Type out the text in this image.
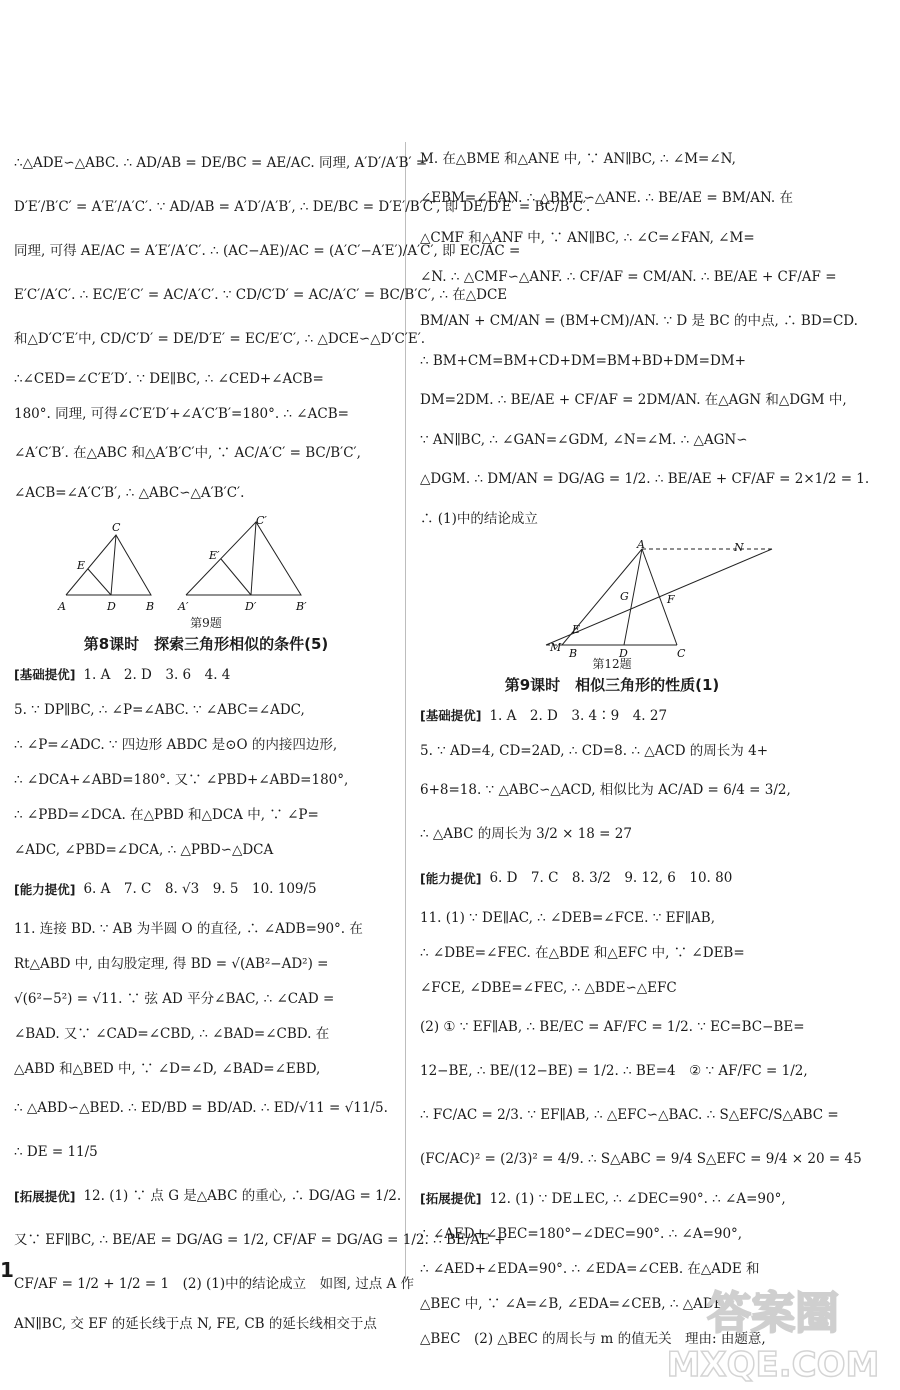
∴△ADE∽△ABC. ∴ AD/AB = DE/BC = AE/AC. 同理, A′D′/A′B′ =
D′E′/B′C′ = A′E′/A′C′. ∵ AD/AB = A′D′/A′B′, ∴ DE/BC = D′E′/B′C′, 即 DE/D′E′ = BC/B′C′.
同理, 可得 AE/AC = A′E′/A′C′. ∴ (AC−AE)/AC = (A′C′−A′E′)/A′C′, 即 EC/AC =
E′C′/A′C′. ∴ EC/E′C′ = AC/A′C′. ∵ CD/C′D′ = AC/A′C′ = BC/B′C′, ∴ 在△DCE
和△D′C′E′中, CD/C′D′ = DE/D′E′ = EC/E′C′, ∴ △DCE∽△D′C′E′.
∴∠CED=∠C′E′D′. ∵ DE∥BC, ∴ ∠CED+∠ACB=
180°. 同理, 可得∠C′E′D′+∠A′C′B′=180°. ∴ ∠ACB=
∠A′C′B′. 在△ABC 和△A′B′C′中, ∵ AC/A′C′ = BC/B′C′,
∠ACB=∠A′C′B′, ∴ △ABC∽△A′B′C′.
A	B
C
D
E
A′	B′
C′
D′
E′
第9题
第8课时　探索三角形相似的条件(5)
[基础提优] 1. A　2. D　3. 6　4. 4
5. ∵ DP∥BC, ∴ ∠P=∠ABC. ∵ ∠ABC=∠ADC,
∴ ∠P=∠ADC. ∵ 四边形 ABDC 是⊙O 的内接四边形,
∴ ∠DCA+∠ABD=180°. 又∵ ∠PBD+∠ABD=180°,
∴ ∠PBD=∠DCA. 在△PBD 和△DCA 中, ∵ ∠P=
∠ADC, ∠PBD=∠DCA, ∴ △PBD∽△DCA
[能力提优] 6. A　7. C　8. √3　9. 5　10. 109/5
11. 连接 BD. ∵ AB 为半圆 O 的直径, ∴ ∠ADB=90°. 在
Rt△ABD 中, 由勾股定理, 得 BD = √(AB²−AD²) =
√(6²−5²) = √11. ∵ 弦 AD 平分∠BAC, ∴ ∠CAD =
∠BAD. 又∵ ∠CAD=∠CBD, ∴ ∠BAD=∠CBD. 在
△ABD 和△BED 中, ∵ ∠D=∠D, ∠BAD=∠EBD,
∴ △ABD∽△BED. ∴ ED/BD = BD/AD. ∴ ED/√11 = √11/5.
∴ DE = 11/5
[拓展提优] 12. (1) ∵ 点 G 是△ABC 的重心, ∴ DG/AG = 1/2.
又∵ EF∥BC, ∴ BE/AE = DG/AG = 1/2, CF/AF = DG/AG = 1/2. ∴ BE/AE +
CF/AF = 1/2 + 1/2 = 1　(2) (1)中的结论成立　如图, 过点 A 作
AN∥BC, 交 EF 的延长线于点 N, FE, CB 的延长线相交于点
M. 在△BME 和△ANE 中, ∵ AN∥BC, ∴ ∠M=∠N,
∠EBM=∠EAN. ∴ △BME∽△ANE. ∴ BE/AE = BM/AN. 在
△CMF 和△ANF 中, ∵ AN∥BC, ∴ ∠C=∠FAN, ∠M=
∠N. ∴ △CMF∽△ANF. ∴ CF/AF = CM/AN. ∴ BE/AE + CF/AF =
BM/AN + CM/AN = (BM+CM)/AN. ∵ D 是 BC 的中点, ∴ BD=CD.
∴ BM+CM=BM+CD+DM=BM+BD+DM=DM+
DM=2DM. ∴ BE/AE + CF/AF = 2DM/AN. 在△AGN 和△DGM 中,
∵ AN∥BC, ∴ ∠GAN=∠GDM, ∠N=∠M. ∴ △AGN∽
△DGM. ∴ DM/AN = DG/AG = 1/2. ∴ BE/AE + CF/AF = 2×1/2 = 1.
∴ (1)中的结论成立
A	N
G	F
E
M B	D	C
第12题
第9课时　相似三角形的性质(1)
[基础提优] 1. A　2. D　3. 4∶9　4. 27
5. ∵ AD=4, CD=2AD, ∴ CD=8. ∴ △ACD 的周长为 4+
6+8=18. ∵ △ABC∽△ACD, 相似比为 AC/AD = 6/4 = 3/2,
∴ △ABC 的周长为 3/2 × 18 = 27
[能力提优] 6. D　7. C　8. 3/2　9. 12, 6　10. 80
11. (1) ∵ DE∥AC, ∴ ∠DEB=∠FCE. ∵ EF∥AB,
∴ ∠DBE=∠FEC. 在△BDE 和△EFC 中, ∵ ∠DEB=
∠FCE, ∠DBE=∠FEC, ∴ △BDE∽△EFC
(2) ① ∵ EF∥AB, ∴ BE/EC = AF/FC = 1/2. ∵ EC=BC−BE=
12−BE, ∴ BE/(12−BE) = 1/2. ∴ BE=4　② ∵ AF/FC = 1/2,
∴ FC/AC = 2/3. ∵ EF∥AB, ∴ △EFC∽△BAC. ∴ S△EFC/S△ABC =
(FC/AC)² = (2/3)² = 4/9. ∴ S△ABC = 9/4 S△EFC = 9/4 × 20 = 45
[拓展提优] 12. (1) ∵ DE⊥EC, ∴ ∠DEC=90°. ∴ ∠A=90°,
∴ ∠AED+∠BEC=180°−∠DEC=90°. ∴ ∠A=90°,
∴ ∠AED+∠EDA=90°. ∴ ∠EDA=∠CEB. 在△ADE 和
△BEC 中, ∵ ∠A=∠B, ∠EDA=∠CEB, ∴ △ADE∽
△BEC　(2) △BEC 的周长与 m 的值无关　理由: 由题意,
1
答案圈
MXQE.COM
